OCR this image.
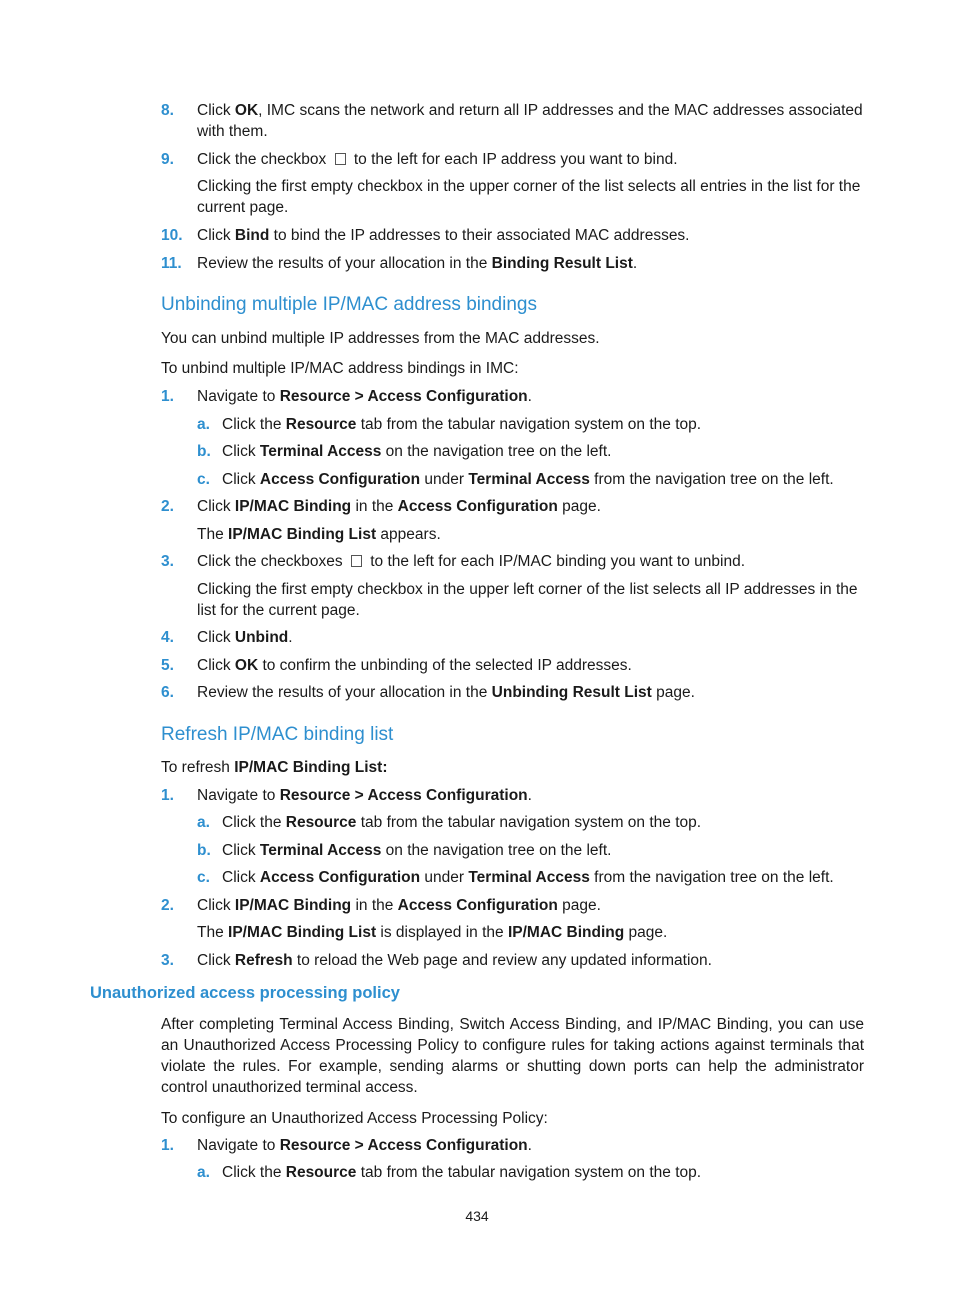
8. Click OK, IMC scans the network and return all IP addresses and the MAC addresses associated with them.
9. Click the checkbox  to the left for each IP address you want to bind.
Clicking the first empty checkbox in the upper corner of the list selects all entries in the list for the current page.
10. Click Bind to bind the IP addresses to their associated MAC addresses.
11. Review the results of your allocation in the Binding Result List.
Unbinding multiple IP/MAC address bindings
You can unbind multiple IP addresses from the MAC addresses.
To unbind multiple IP/MAC address bindings in IMC:
1. Navigate to Resource > Access Configuration.
a. Click the Resource tab from the tabular navigation system on the top.
b. Click Terminal Access on the navigation tree on the left.
c. Click Access Configuration under Terminal Access from the navigation tree on the left.
2. Click IP/MAC Binding in the Access Configuration page.
The IP/MAC Binding List appears.
3. Click the checkboxes  to the left for each IP/MAC binding you want to unbind.
Clicking the first empty checkbox in the upper left corner of the list selects all IP addresses in the list for the current page.
4. Click Unbind.
5. Click OK to confirm the unbinding of the selected IP addresses.
6. Review the results of your allocation in the Unbinding Result List page.
Refresh IP/MAC binding list
To refresh IP/MAC Binding List:
1. Navigate to Resource > Access Configuration.
a. Click the Resource tab from the tabular navigation system on the top.
b. Click Terminal Access on the navigation tree on the left.
c. Click Access Configuration under Terminal Access from the navigation tree on the left.
2. Click IP/MAC Binding in the Access Configuration page.
The IP/MAC Binding List is displayed in the IP/MAC Binding page.
3. Click Refresh to reload the Web page and review any updated information.
Unauthorized access processing policy
After completing Terminal Access Binding, Switch Access Binding, and IP/MAC Binding, you can use an Unauthorized Access Processing Policy to configure rules for taking actions against terminals that violate the rules. For example, sending alarms or shutting down ports can help the administrator control unauthorized terminal access.
To configure an Unauthorized Access Processing Policy:
1. Navigate to Resource > Access Configuration.
a. Click the Resource tab from the tabular navigation system on the top.
434
